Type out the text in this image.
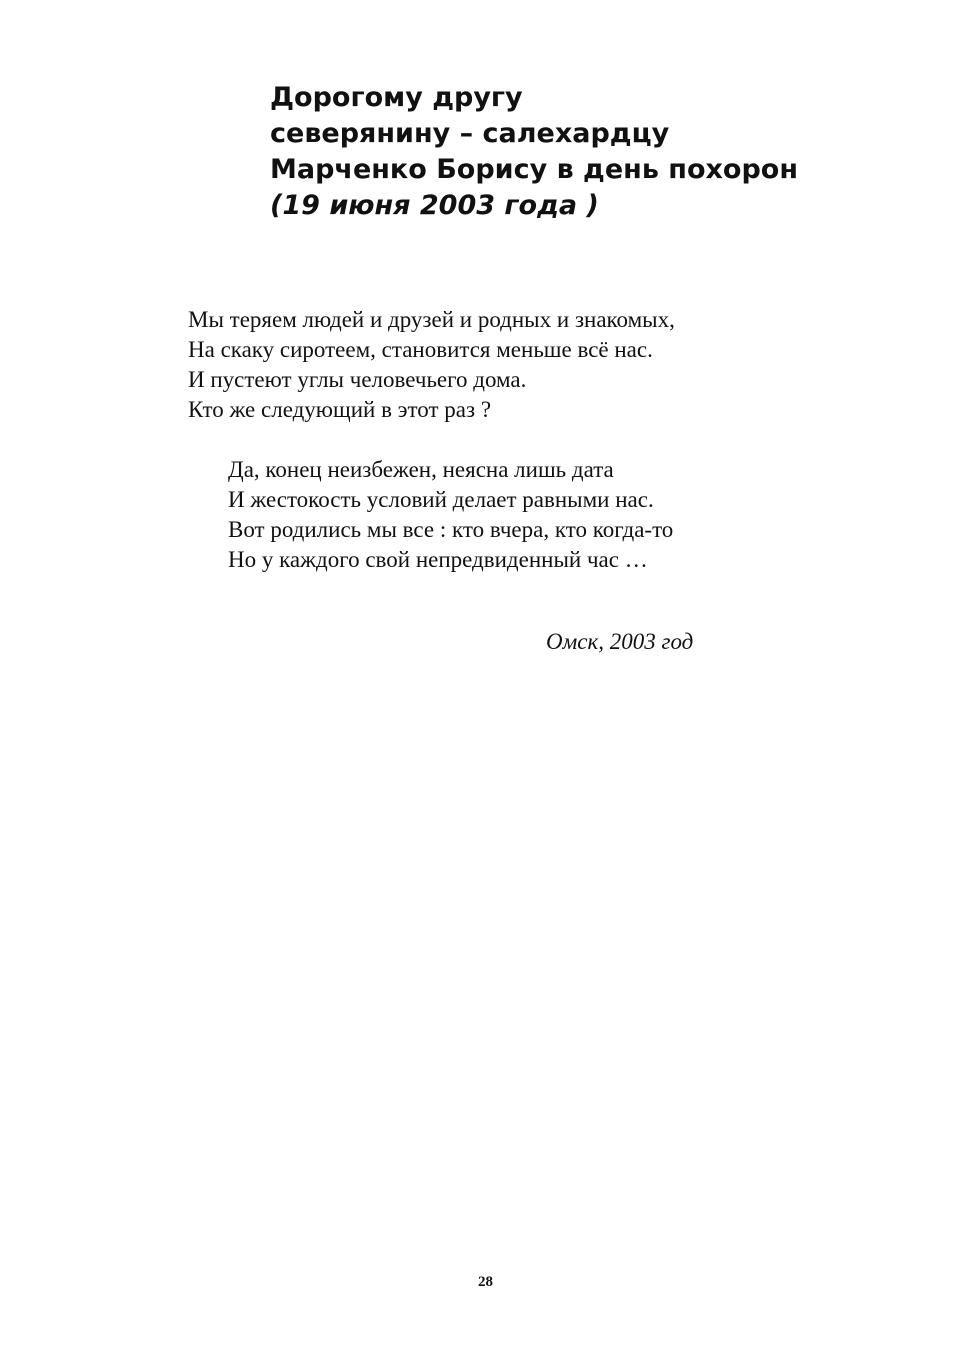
Дорогому другу
северянину – салехардцу
Марченко Борису в день похорон
(19 июня 2003 года )
Мы теряем людей и друзей и родных и знакомых,
На скаку сиротеем, становится меньше всё нас.
И пустеют углы человечьего дома.
Кто же следующий в этот раз ?
Да, конец неизбежен, неясна лишь дата
И жестокость условий делает равными нас.
Вот родились мы все : кто вчера, кто когда-то
Но у каждого свой непредвиденный час …
Омск, 2003 год
28
